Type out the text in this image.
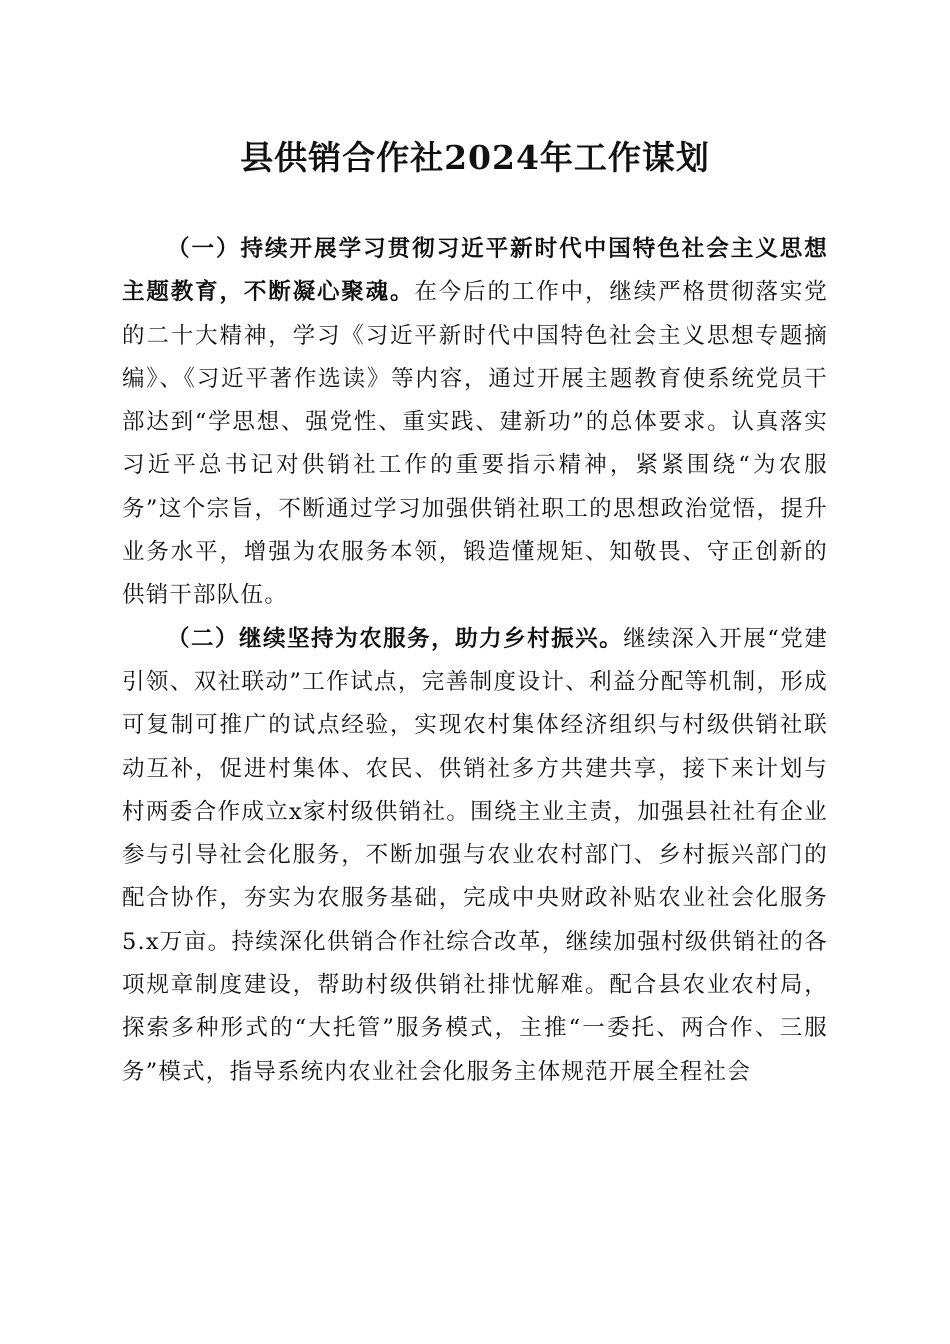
县供销合作社2024年工作谋划

（一）持续开展学习贯彻习近平新时代中国特色社会主义思想主题教育，不断凝心聚魂。在今后的工作中，继续严格贯彻落实党的二十大精神，学习《习近平新时代中国特色社会主义思想专题摘编》、《习近平著作选读》等内容，通过开展主题教育使系统党员干部达到“学思想、强党性、重实践、建新功”的总体要求。认真落实习近平总书记对供销社工作的重要指示精神，紧紧围绕“为农服务”这个宗旨，不断通过学习加强供销社职工的思想政治觉悟，提升业务水平，增强为农服务本领，锻造懂规矩、知敬畏、守正创新的供销干部队伍。

（二）继续坚持为农服务，助力乡村振兴。继续深入开展“党建引领、双社联动”工作试点，完善制度设计、利益分配等机制，形成可复制可推广的试点经验，实现农村集体经济组织与村级供销社联动互补，促进村集体、农民、供销社多方共建共享，接下来计划与村两委合作成立x家村级供销社。围绕主业主责，加强县社社有企业参与引导社会化服务，不断加强与农业农村部门、乡村振兴部门的配合协作，夯实为农服务基础，完成中央财政补贴农业社会化服务5.x万亩。持续深化供销合作社综合改革，继续加强村级供销社的各项规章制度建设，帮助村级供销社排忧解难。配合县农业农村局，探索多种形式的“大托管”服务模式，主推“一委托、两合作、三服务”模式，指导系统内农业社会化服务主体规范开展全程社会
